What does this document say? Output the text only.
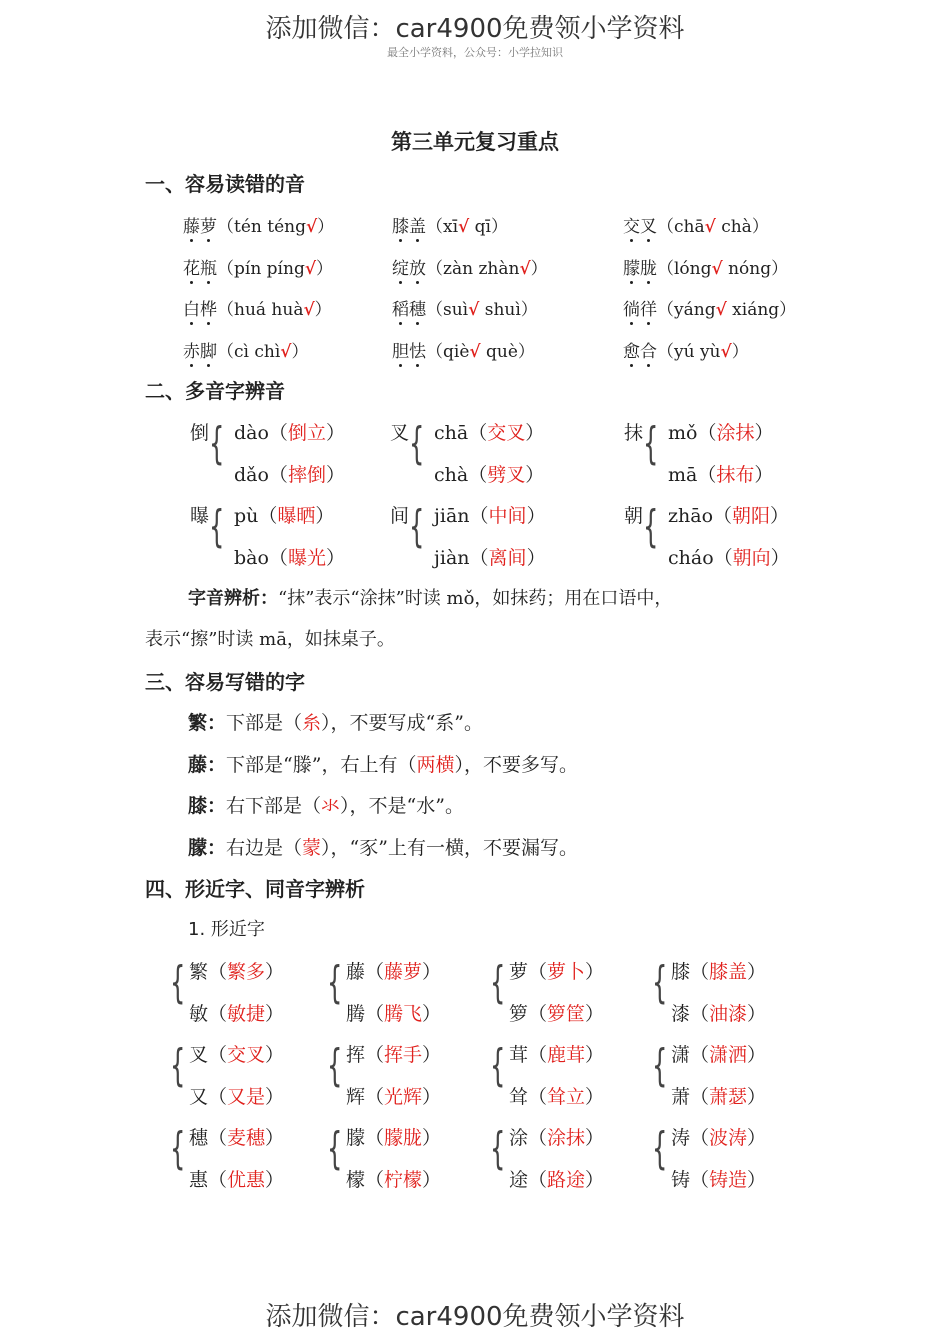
添加微信：car4900免费领小学资料
最全小学资料，公众号：小学拉知识
第三单元复习重点
一、容易读错的音
藤萝（tén téng√）	膝盖（xī√ qī）	交叉（chā√ chà）
花瓶（pín píng√）	绽放（zàn zhàn√）	朦胧（lóng√ nóng）
白桦（huá huà√）	稻穗（suì√ shuì）	徜徉（yáng√ xiáng）
赤脚（cì chì√）	胆怯（qiè√ què）	愈合（yú yù√）
二、多音字辨音
倒 { dào（倒立）
dǎo（摔倒）
叉 { chā（交叉）
chà（劈叉）
抹 { mǒ（涂抹）
mā（抹布）
曝 { pù（曝晒）
bào（曝光）
间 { jiān（中间）
jiàn（离间）
朝 { zhāo（朝阳）
cháo（朝向）
字音辨析：“抹”表示“涂抹”时读 mǒ，如抹药；用在口语中，
表示“擦”时读 mā，如抹桌子。
三、容易写错的字
繁：下部是（糸），不要写成“系”。
藤：下部是“滕”，右上有（两横），不要多写。
膝：右下部是（氺），不是“水”。
朦：右边是（蒙），“豕”上有一横，不要漏写。
四、形近字、同音字辨析
1. 形近字
{ 繁（繁多）
敏（敏捷）
{ 藤（藤萝）
腾（腾飞）
{ 萝（萝卜）
箩（箩筐）
{ 膝（膝盖）
漆（油漆）
{ 叉（交叉）
又（又是）
{ 挥（挥手）
辉（光辉）
{ 茸（鹿茸）
耸（耸立）
{ 潇（潇洒）
萧（萧瑟）
{ 穗（麦穗）
惠（优惠）
{ 朦（朦胧）
檬（柠檬）
{ 涂（涂抹）
途（路途）
{ 涛（波涛）
铸（铸造）
添加微信：car4900免费领小学资料
